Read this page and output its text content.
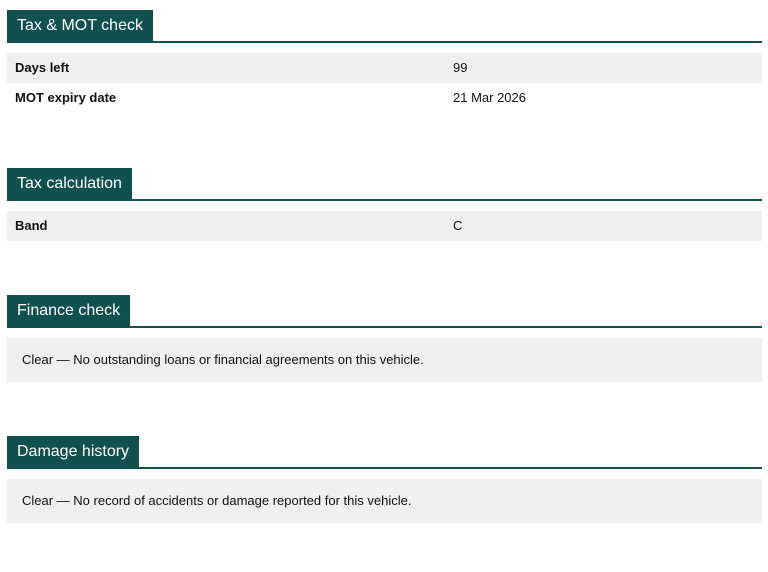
Tax & MOT check
Days left	99
MOT expiry date	21 Mar 2026
Tax calculation
Band	C
Finance check
Clear — No outstanding loans or financial agreements on this vehicle.
Damage history
Clear — No record of accidents or damage reported for this vehicle.
